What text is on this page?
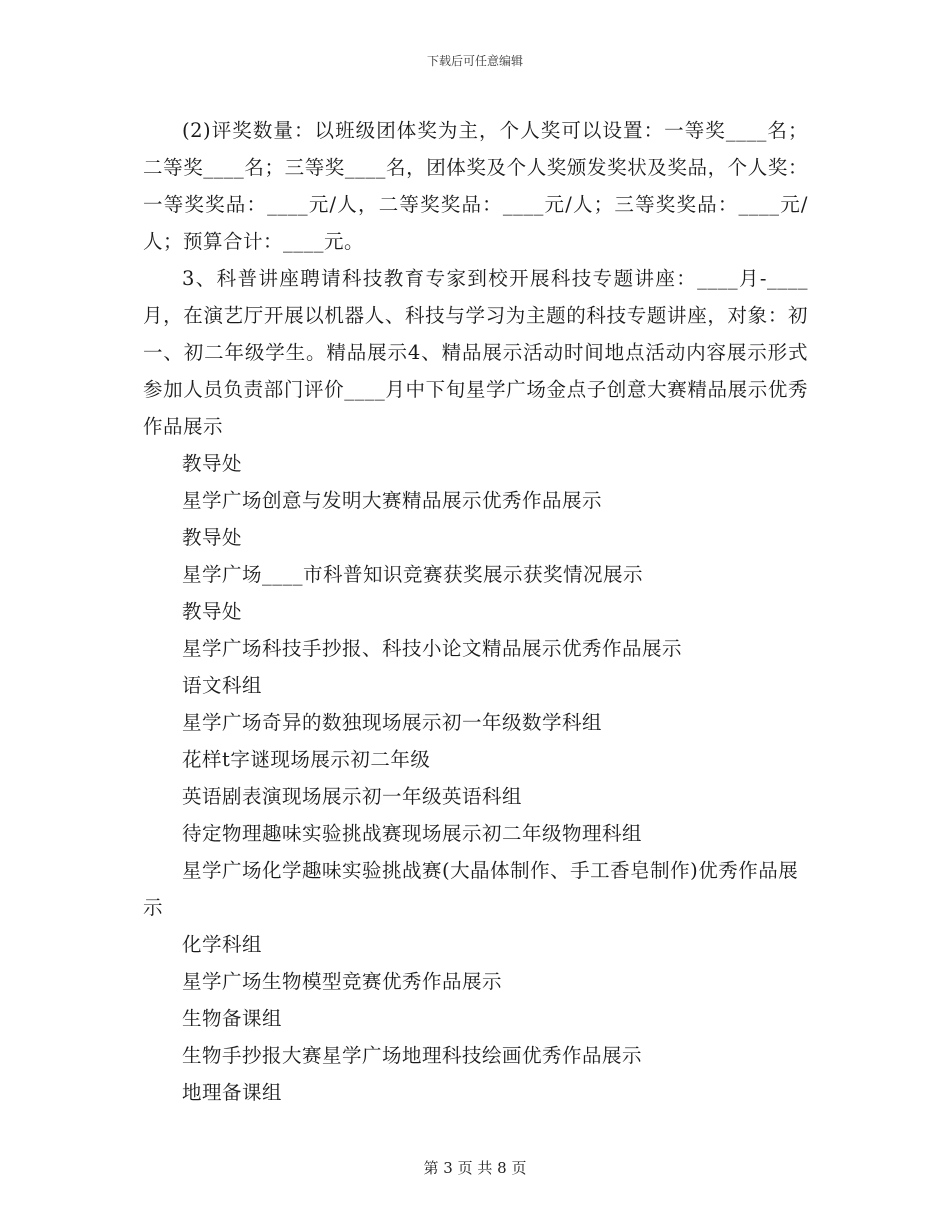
下载后可任意编辑

(2)评奖数量：以班级团体奖为主，个人奖可以设置：一等奖____名；二等奖____名；三等奖____名，团体奖及个人奖颁发奖状及奖品，个人奖：一等奖奖品：____元/人，二等奖奖品：____元/人；三等奖奖品：____元/人；预算合计：____元。

3、科普讲座聘请科技教育专家到校开展科技专题讲座：____月-____月，在演艺厅开展以机器人、科技与学习为主题的科技专题讲座，对象：初一、初二年级学生。精品展示4、精品展示活动时间地点活动内容展示形式参加人员负责部门评价____月中下旬星学广场金点子创意大赛精品展示优秀作品展示

教导处

星学广场创意与发明大赛精品展示优秀作品展示

教导处

星学广场____市科普知识竞赛获奖展示获奖情况展示

教导处

星学广场科技手抄报、科技小论文精品展示优秀作品展示

语文科组

星学广场奇异的数独现场展示初一年级数学科组

花样t字谜现场展示初二年级

英语剧表演现场展示初一年级英语科组

待定物理趣味实验挑战赛现场展示初二年级物理科组

星学广场化学趣味实验挑战赛(大晶体制作、手工香皂制作)优秀作品展示

化学科组

星学广场生物模型竞赛优秀作品展示

生物备课组

生物手抄报大赛星学广场地理科技绘画优秀作品展示

地理备课组

第 3 页 共 8 页
